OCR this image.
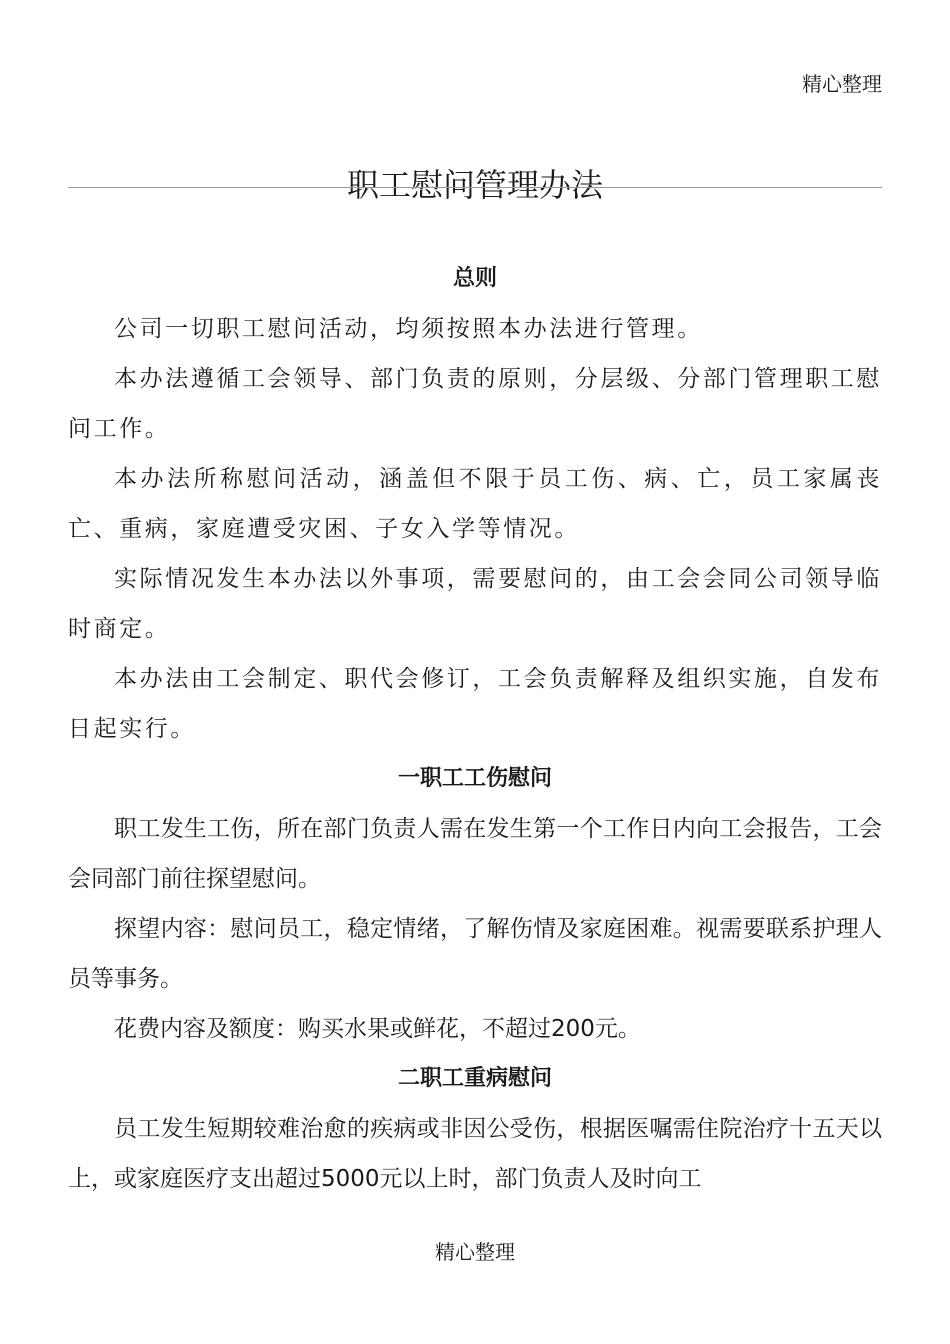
精心整理
职工慰问管理办法
总则

公司一切职工慰问活动，均须按照本办法进行管理。

本办法遵循工会领导、部门负责的原则，分层级、分部门管理职工慰问工作。

本办法所称慰问活动，涵盖但不限于员工伤、病、亡，员工家属丧亡、重病，家庭遭受灾困、子女入学等情况。

实际情况发生本办法以外事项，需要慰问的，由工会会同公司领导临时商定。

本办法由工会制定、职代会修订，工会负责解释及组织实施，自发布日起实行。

一职工工伤慰问

职工发生工伤，所在部门负责人需在发生第一个工作日内向工会报告，工会会同部门前往探望慰问。

探望内容：慰问员工，稳定情绪，了解伤情及家庭困难。视需要联系护理人员等事务。

花费内容及额度：购买水果或鲜花，不超过200元。

二职工重病慰问

员工发生短期较难治愈的疾病或非因公受伤，根据医嘱需住院治疗十五天以上，或家庭医疗支出超过5000元以上时，部门负责人及时向工

精心整理
